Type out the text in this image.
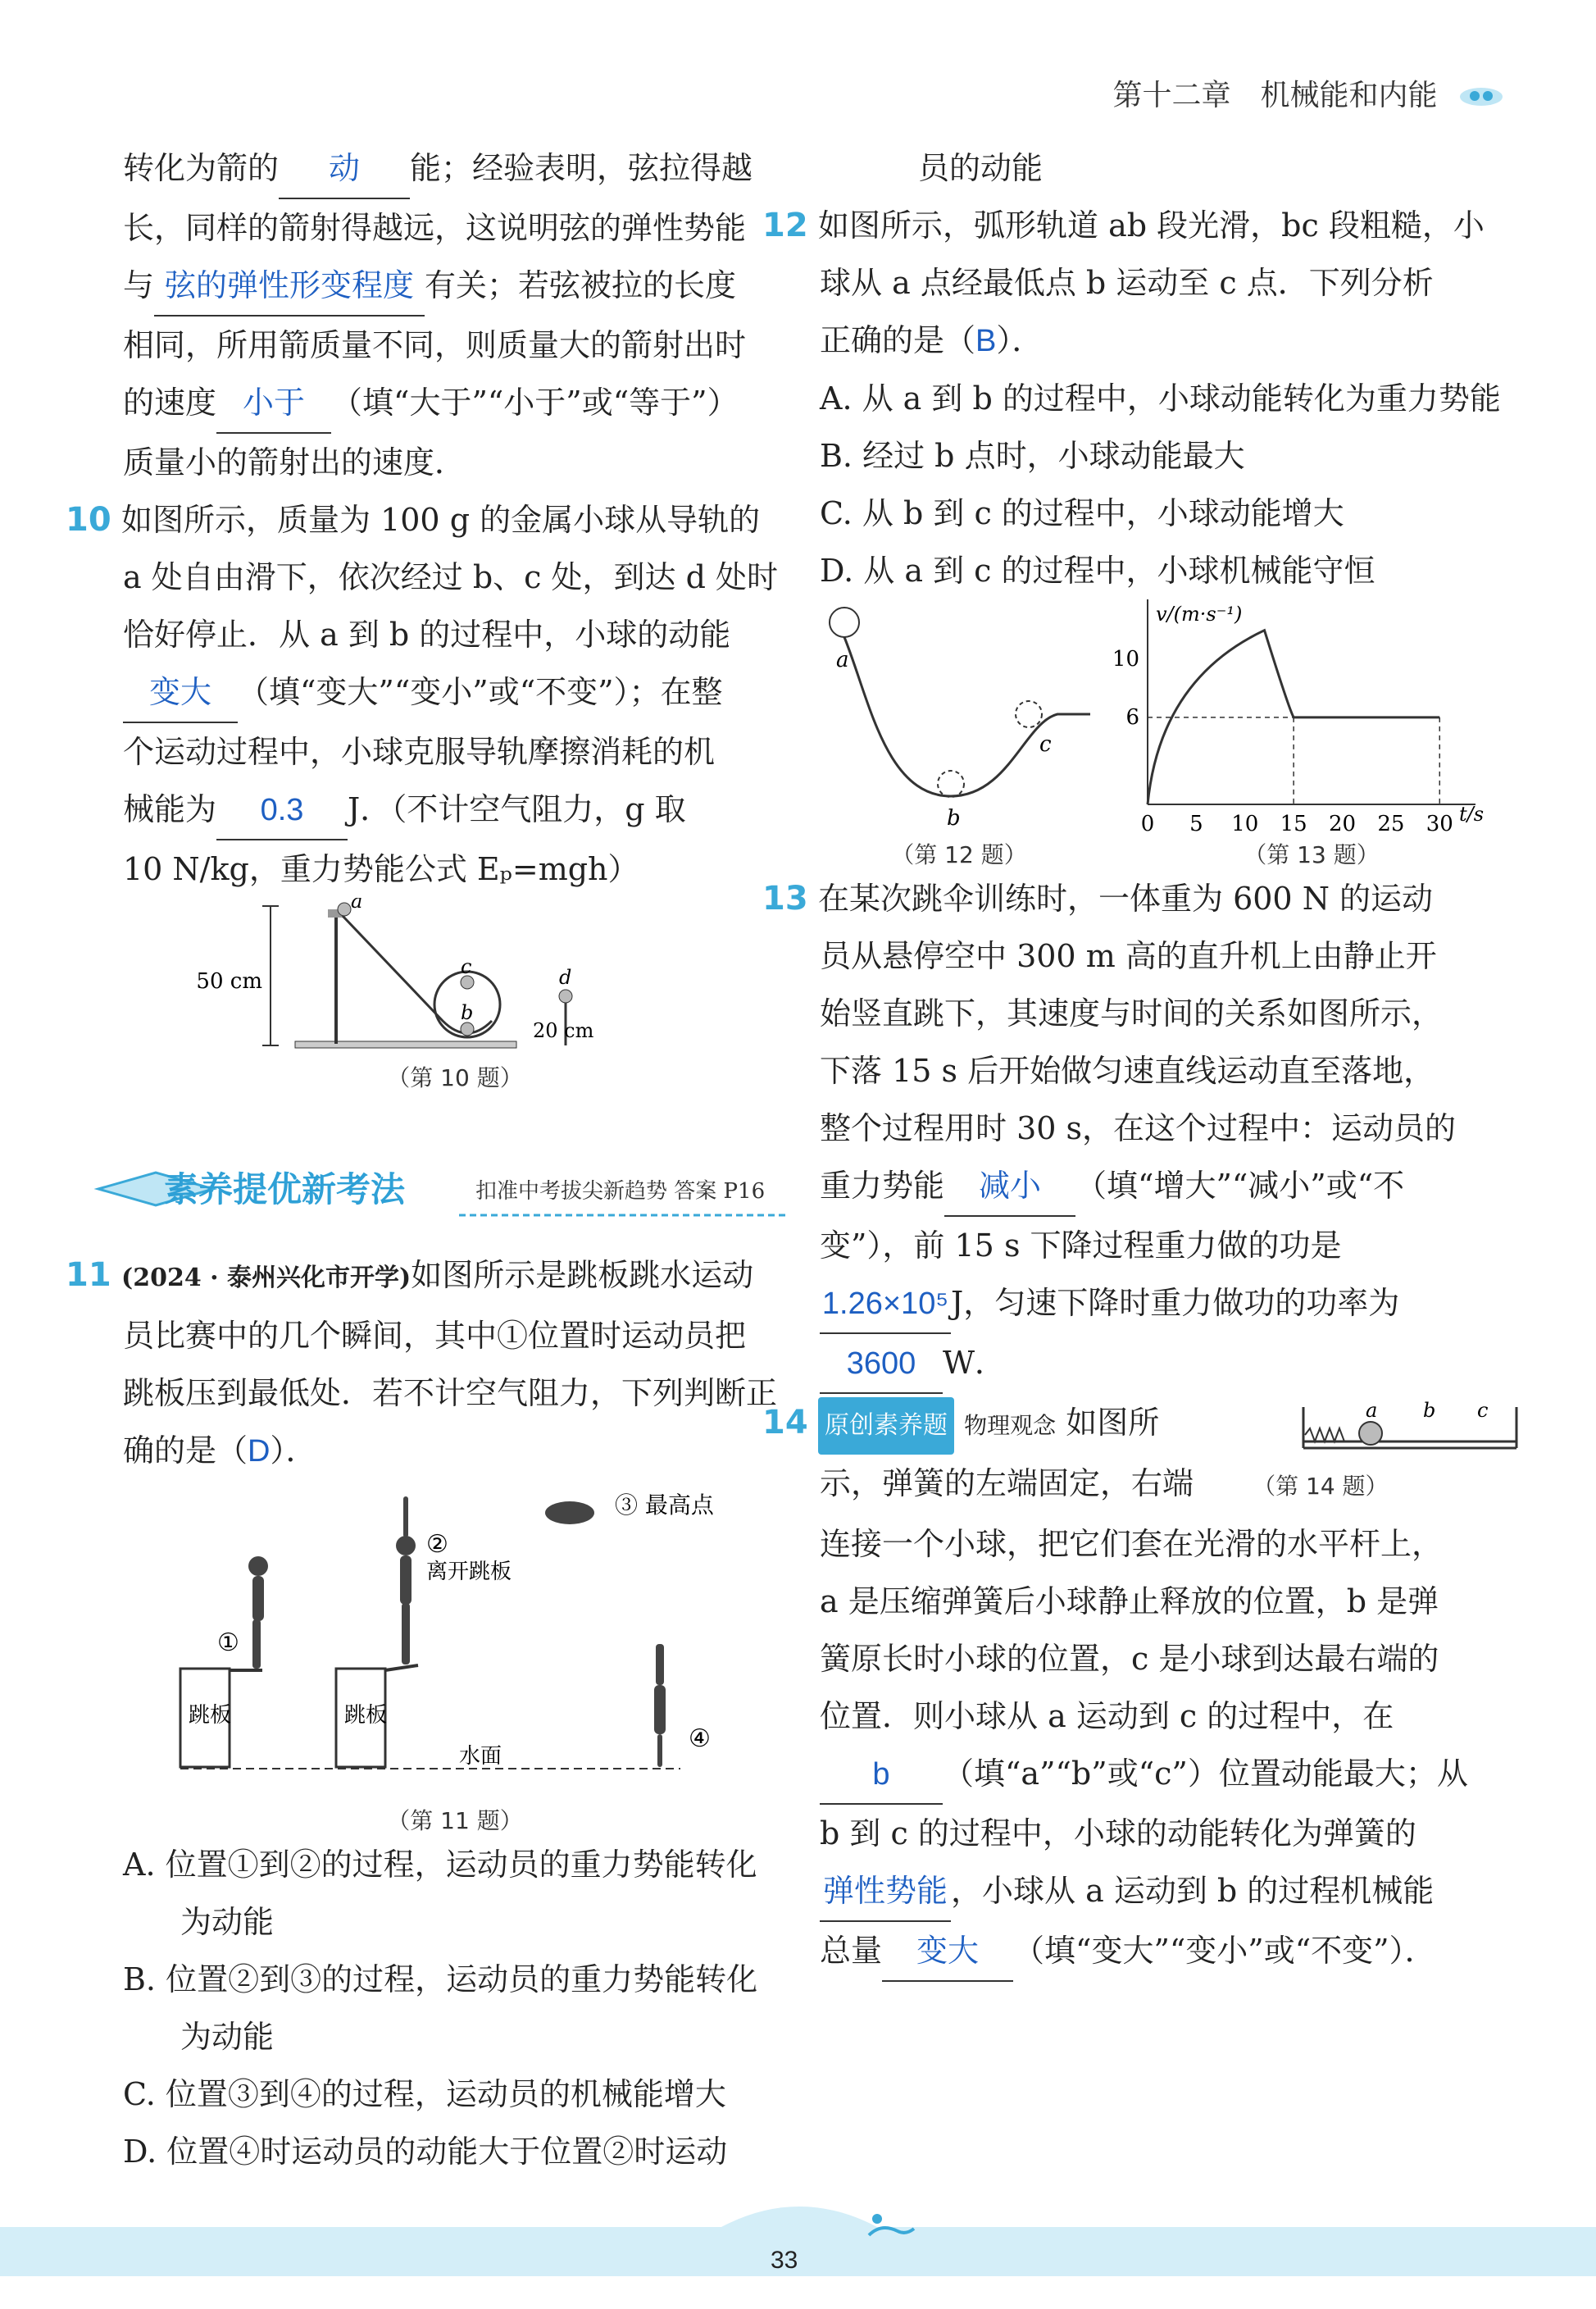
第十二章　机械能和内能
转化为箭的 动 能；经验表明，弦拉得越
长，同样的箭射得越远，这说明弦的弹性势能
与 弦的弹性形变程度 有关；若弦被拉的长度
相同，所用箭质量不同，则质量大的箭射出时
的速度 小于 （填“大于”“小于”或“等于”）
质量小的箭射出的速度．
10 如图所示，质量为 100 g 的金属小球从导轨的
a 处自由滑下，依次经过 b、c 处，到达 d 处时
恰好停止．从 a 到 b 的过程中，小球的动能
变大 （填“变大”“变小”或“不变”）；在整
个运动过程中，小球克服导轨摩擦消耗的机
械能为 0.3 J．（不计空气阻力，g 取
10 N/kg，重力势能公式 Eₚ=mgh）
50 cm
a
b
c	d
20 cm
（第 10 题）
素养提优新考法	扣准中考拔尖新趋势 答案 P16
11 (2024 · 泰州兴化市开学)如图所示是跳板跳水运动
员比赛中的几个瞬间，其中①位置时运动员把
跳板压到最低处．若不计空气阻力，下列判断正
确的是（D）．
①
跳板	跳板
②
离开跳板
③ 最高点
④
水面
（第 11 题）
A. 位置①到②的过程，运动员的重力势能转化为动能
B. 位置②到③的过程，运动员的重力势能转化为动能
C. 位置③到④的过程，运动员的机械能增大
D. 位置④时运动员的动能大于位置②时运动
员的动能
12 如图所示，弧形轨道 ab 段光滑，bc 段粗糙，小
球从 a 点经最低点 b 运动至 c 点．下列分析
正确的是（B）．
A. 从 a 到 b 的过程中，小球动能转化为重力势能
B. 经过 b 点时，小球动能最大
C. 从 b 到 c 的过程中，小球动能增大
D. 从 a 到 c 的过程中，小球机械能守恒
a
b
c
（第 12 题）
v/(m·s⁻¹)
t/s
0 5 10 15 20 25 30
10
6
（第 13 题）
13 在某次跳伞训练时，一体重为 600 N 的运动
员从悬停空中 300 m 高的直升机上由静止开
始竖直跳下，其速度与时间的关系如图所示，
下落 15 s 后开始做匀速直线运动直至落地，
整个过程用时 30 s，在这个过程中：运动员的
重力势能 减小 （填“增大”“减小”或“不
变”），前 15 s 下降过程重力做的功是
1.26×10⁵J，匀速下降时重力做功的功率为
3600 W．
14 原创素养题 物理观念 如图所	a b c
示，弹簧的左端固定，右端	（第 14 题）
连接一个小球，把它们套在光滑的水平杆上，
a 是压缩弹簧后小球静止释放的位置，b 是弹
簧原长时小球的位置，c 是小球到达最右端的
位置．则小球从 a 运动到 c 的过程中，在
b （填“a”“b”或“c”）位置动能最大；从
b 到 c 的过程中，小球的动能转化为弹簧的
弹性势能 ，小球从 a 运动到 b 的过程机械能
总量 变大 （填“变大”“变小”或“不变”）．
33
